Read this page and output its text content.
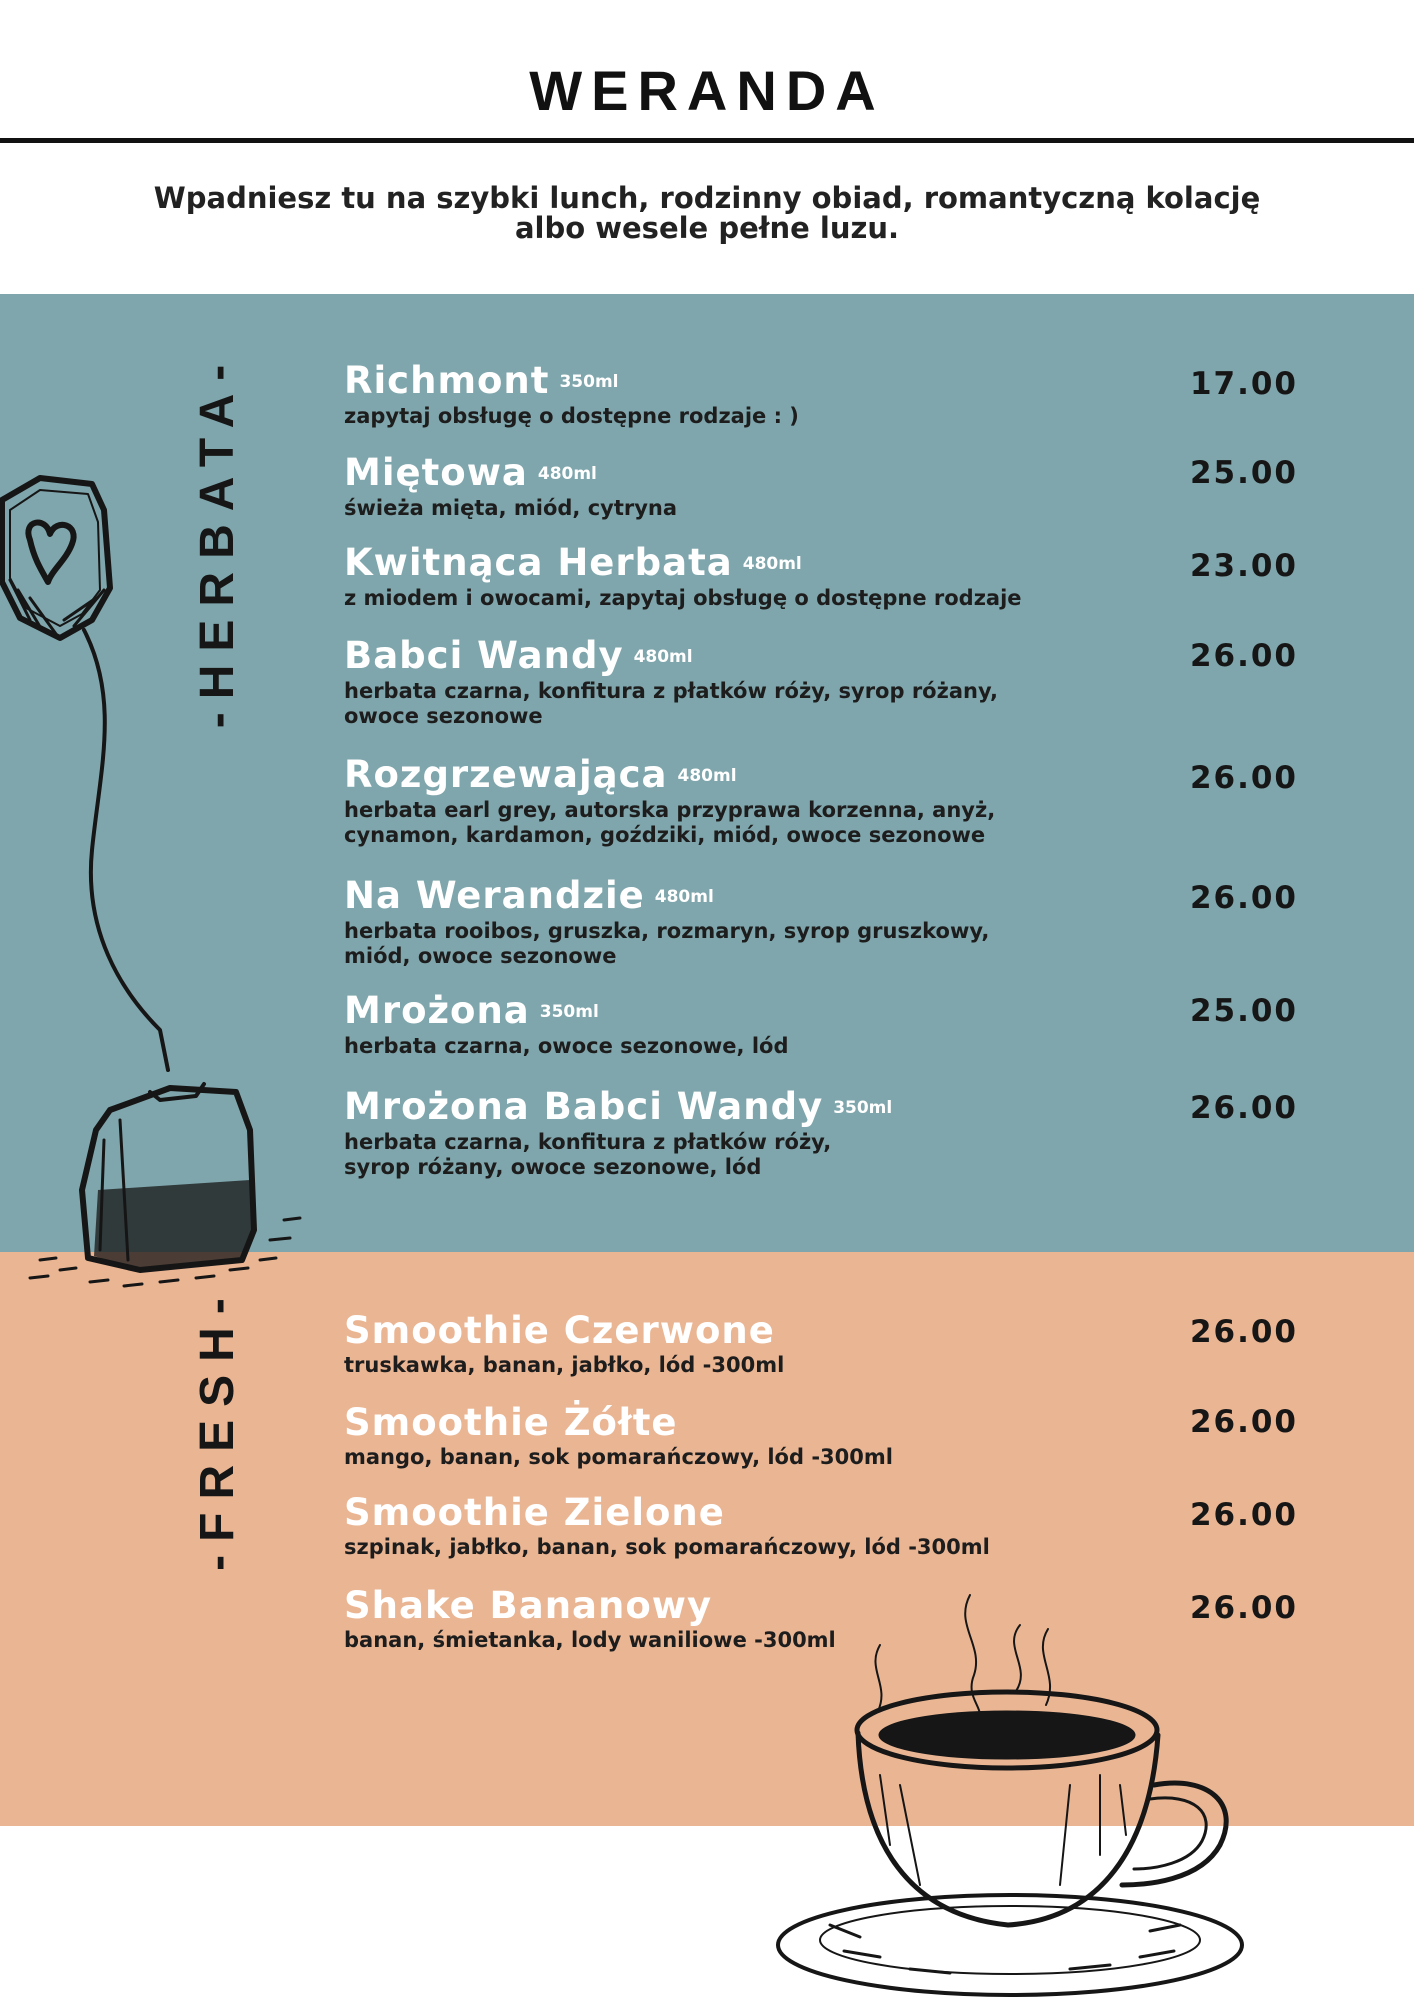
WERANDA
Wpadniesz tu na szybki lunch, rodzinny obiad, romantyczną kolację
albo wesele pełne luzu.
-HERBATA-
-FRESH-
Richmont 350ml
zapytaj obsługę o dostępne rodzaje : )
17.00
Miętowa 480ml
świeża mięta, miód, cytryna
25.00
Kwitnąca Herbata 480ml
z miodem i owocami, zapytaj obsługę o dostępne rodzaje
23.00
Babci Wandy 480ml
herbata czarna, konfitura z płatków róży, syrop różany,
owoce sezonowe
26.00
Rozgrzewająca 480ml
herbata earl grey, autorska przyprawa korzenna, anyż,
cynamon, kardamon, goździki, miód, owoce sezonowe
26.00
Na Werandzie 480ml
herbata rooibos, gruszka, rozmaryn, syrop gruszkowy,
miód, owoce sezonowe
26.00
Mrożona 350ml
herbata czarna, owoce sezonowe, lód
25.00
Mrożona Babci Wandy 350ml
herbata czarna, konfitura z płatków róży,
syrop różany, owoce sezonowe, lód
26.00
Smoothie Czerwone
truskawka, banan, jabłko, lód -300ml
26.00
Smoothie Żółte
mango, banan, sok pomarańczowy, lód -300ml
26.00
Smoothie Zielone
szpinak, jabłko, banan, sok pomarańczowy, lód -300ml
26.00
Shake Bananowy
banan, śmietanka, lody waniliowe -300ml
26.00
